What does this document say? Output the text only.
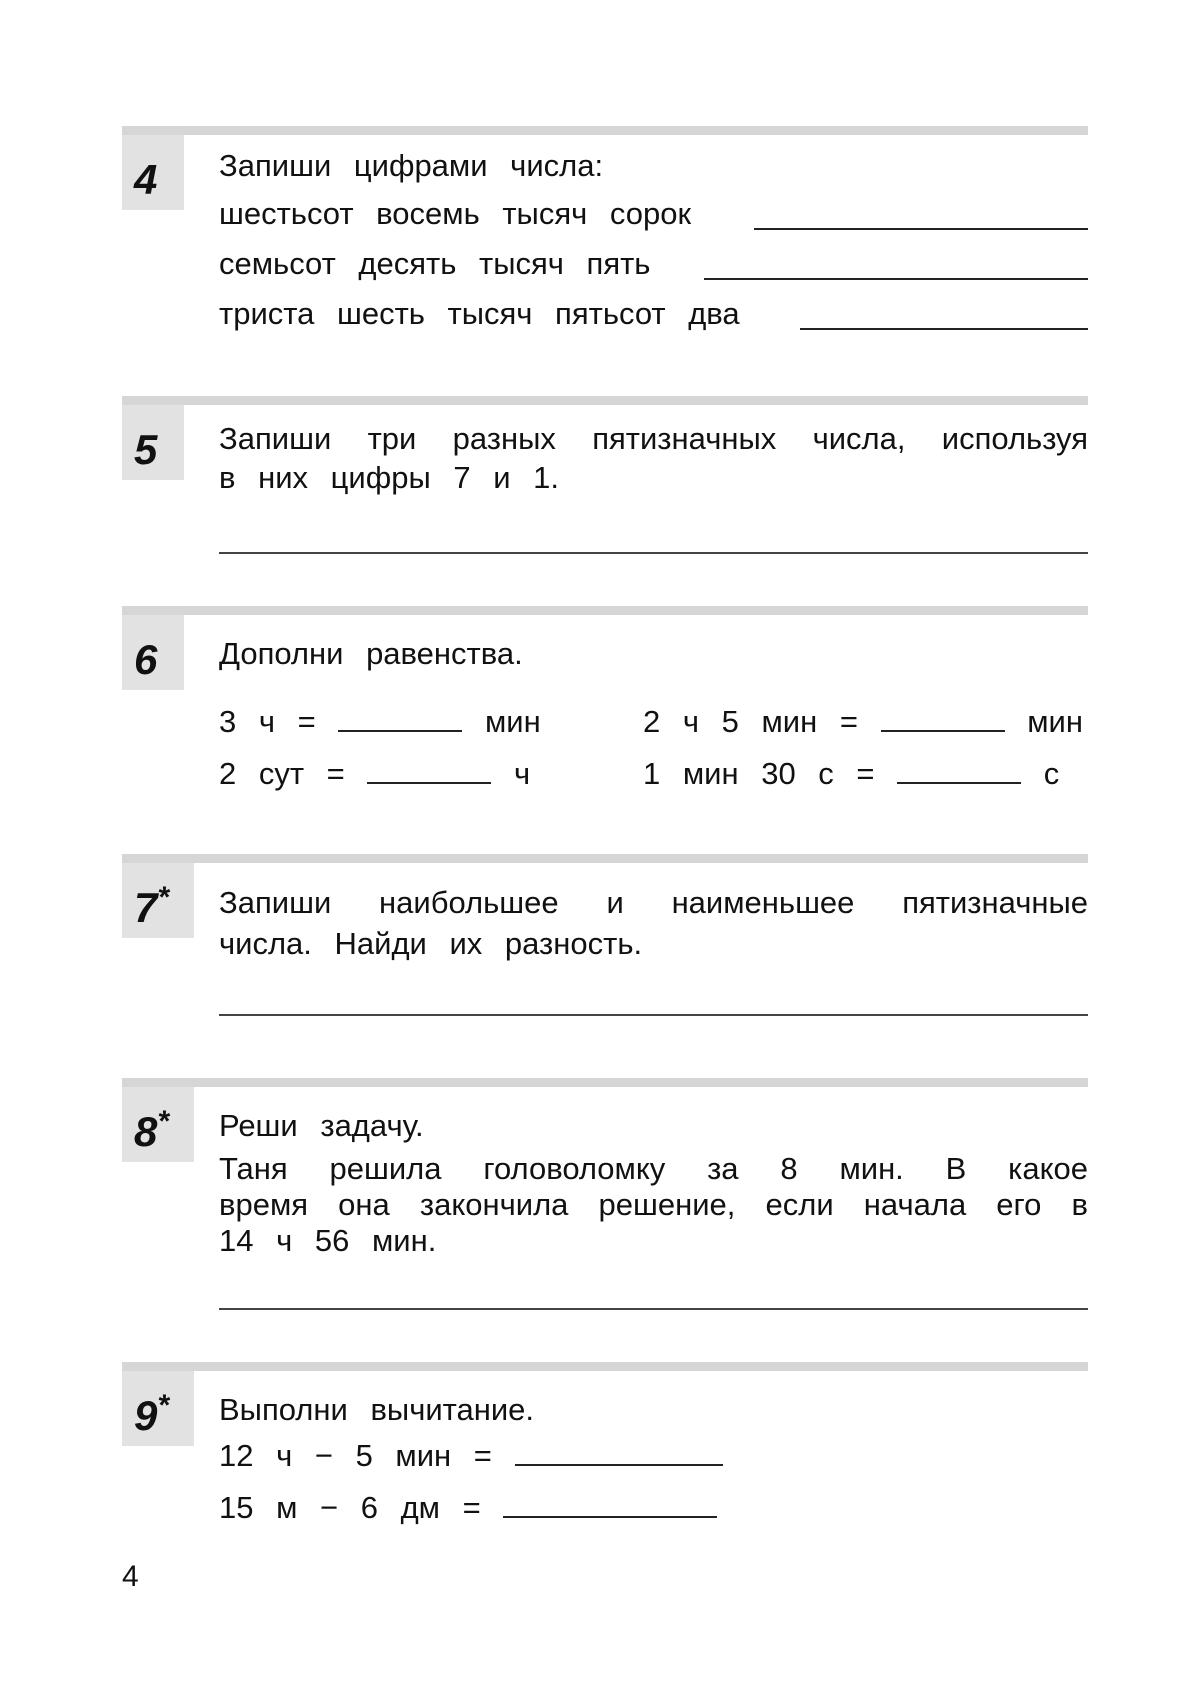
4	Запиши цифрами числа:
шестьсот восемь тысяч сорок
семьсот десять тысяч пять
триста шесть тысяч пятьсот два
5	Запиши три разных пятизначных числа, используя
в них цифры 7 и 1.
6	Дополни равенства.
3 ч =	мин	2 ч 5 мин =	мин
2 сут =	ч	1 мин 30 с =	с
7*	Запиши наибольшее и наименьшее пятизначные
числа. Найди их разность.
8*	Реши задачу.
Таня решила головоломку за 8 мин. В какое
время она закончила решение, если начала его в
14 ч 56 мин.
9*	Выполни вычитание.
12 ч − 5 мин =
15 м − 6 дм =
4
